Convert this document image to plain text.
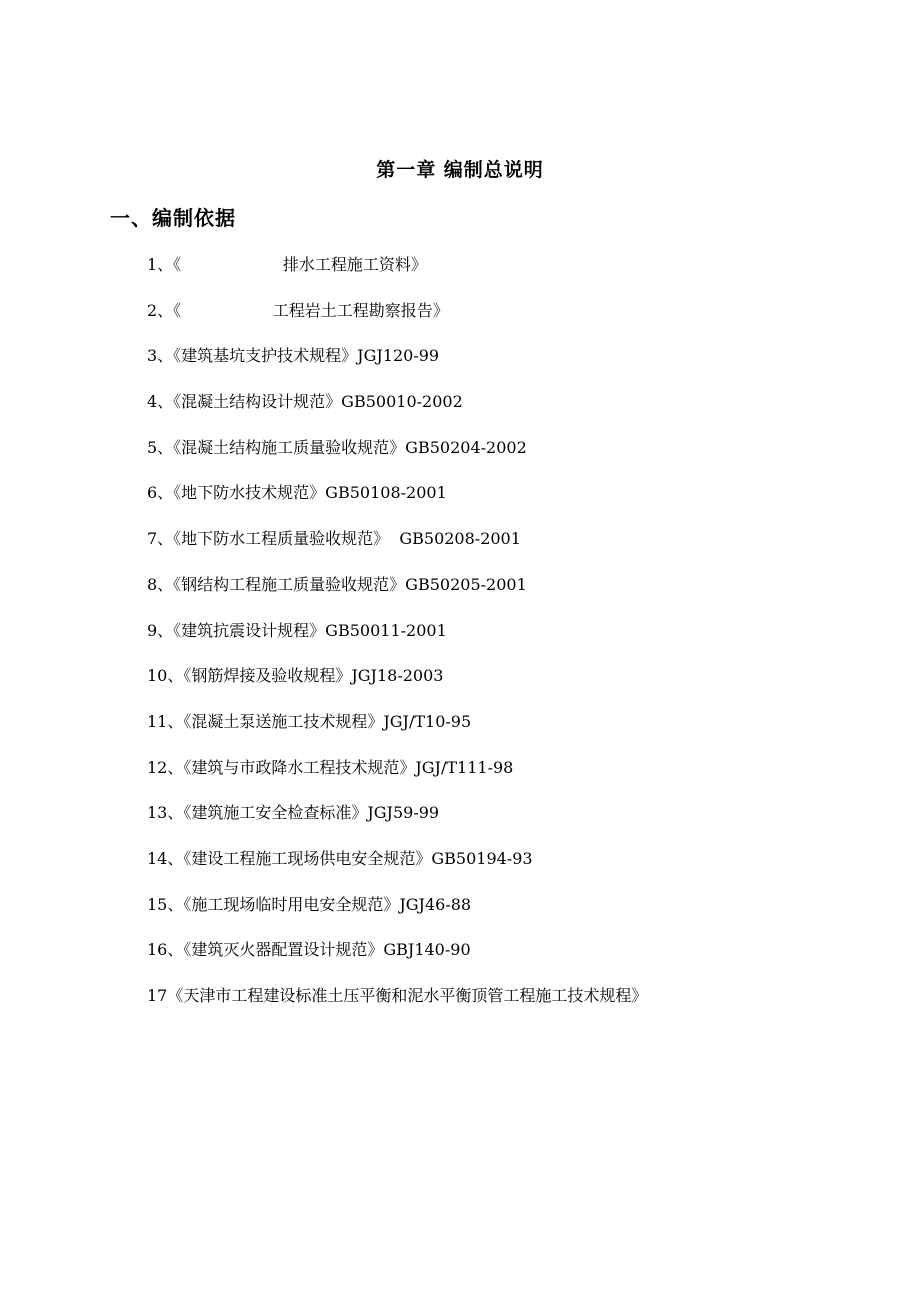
第一章 编制总说明
一、编制依据
1、《                    排水工程施工资料》
2、《                  工程岩土工程勘察报告》
3、《建筑基坑支护技术规程》JGJ120-99
4、《混凝土结构设计规范》GB50010-2002
5、《混凝土结构施工质量验收规范》GB50204-2002
6、《地下防水技术规范》GB50108-2001
7、《地下防水工程质量验收规范》  GB50208-2001
8、《钢结构工程施工质量验收规范》GB50205-2001
9、《建筑抗震设计规程》GB50011-2001
10、《钢筋焊接及验收规程》JGJ18-2003
11、《混凝土泵送施工技术规程》JGJ/T10-95
12、《建筑与市政降水工程技术规范》JGJ/T111-98
13、《建筑施工安全检查标准》JGJ59-99
14、《建设工程施工现场供电安全规范》GB50194-93
15、《施工现场临时用电安全规范》JGJ46-88
16、《建筑灭火器配置设计规范》GBJ140-90
17《天津市工程建设标准土压平衡和泥水平衡顶管工程施工技术规程》
